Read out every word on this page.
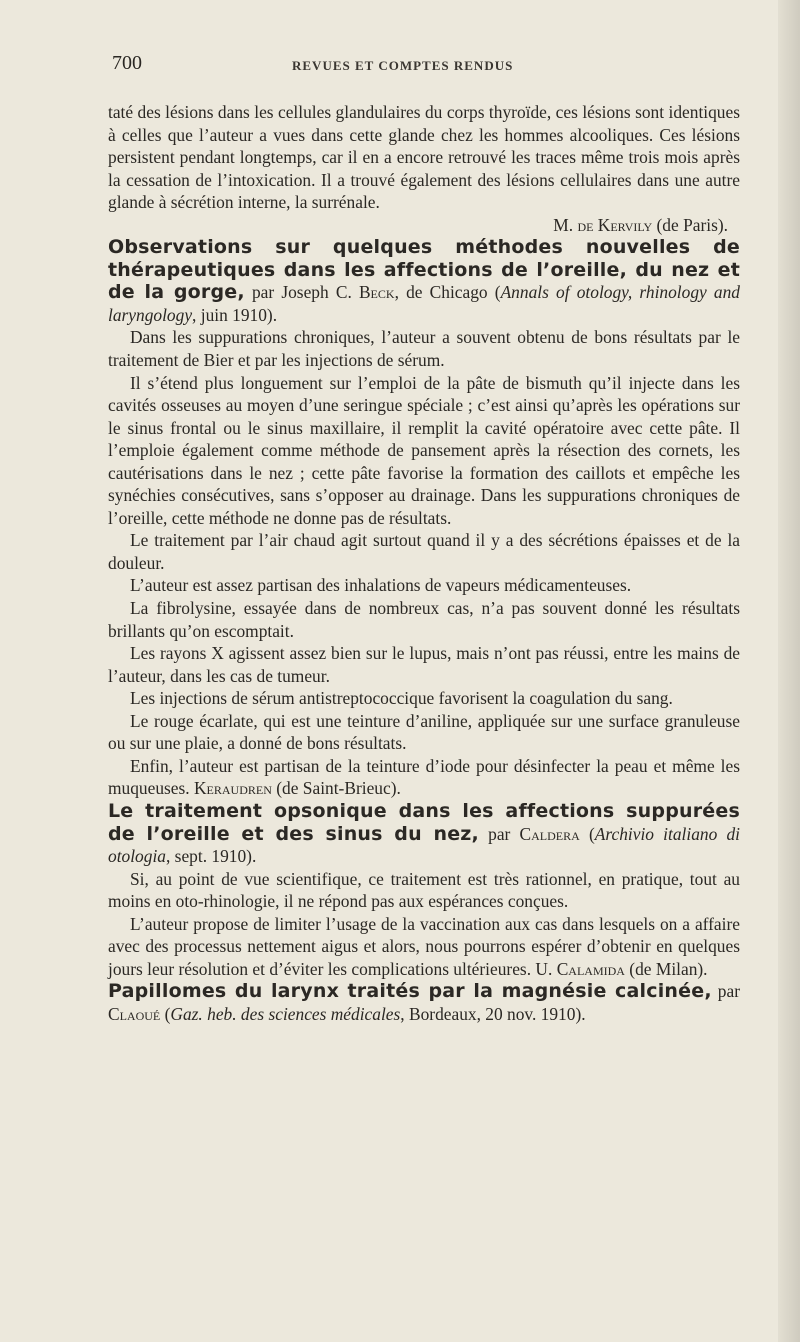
700	REVUES ET COMPTES RENDUS

taté des lésions dans les cellules glandulaires du corps thyroïde, ces lésions sont identiques à celles que l’auteur a vues dans cette glande chez les hommes alcooliques. Ces lésions persistent pendant longtemps, car il en a encore retrouvé les traces même trois mois après la cessation de l’intoxication. Il a trouvé également des lésions cellulaires dans une autre glande à sécrétion interne, la surrénale.

M. de Kervily (de Paris).

Observations sur quelques méthodes nouvelles de thérapeutiques dans les affections de l’oreille, du nez et de la gorge, par Joseph C. Beck, de Chicago (Annals of otology, rhinology and laryngology, juin 1910).

Dans les suppurations chroniques, l’auteur a souvent obtenu de bons résultats par le traitement de Bier et par les injections de sérum.

Il s’étend plus longuement sur l’emploi de la pâte de bismuth qu’il injecte dans les cavités osseuses au moyen d’une seringue spéciale ; c’est ainsi qu’après les opérations sur le sinus frontal ou le sinus maxillaire, il remplit la cavité opératoire avec cette pâte. Il l’emploie également comme méthode de pansement après la résection des cornets, les cautérisations dans le nez ; cette pâte favorise la formation des caillots et empêche les synéchies consécutives, sans s’opposer au drainage. Dans les suppurations chroniques de l’oreille, cette méthode ne donne pas de résultats.

Le traitement par l’air chaud agit surtout quand il y a des sécrétions épaisses et de la douleur.

L’auteur est assez partisan des inhalations de vapeurs médicamenteuses.

La fibrolysine, essayée dans de nombreux cas, n’a pas souvent donné les résultats brillants qu’on escomptait.

Les rayons X agissent assez bien sur le lupus, mais n’ont pas réussi, entre les mains de l’auteur, dans les cas de tumeur.

Les injections de sérum antistreptococcique favorisent la coagulation du sang.

Le rouge écarlate, qui est une teinture d’aniline, appliquée sur une surface granuleuse ou sur une plaie, a donné de bons résultats.

Enfin, l’auteur est partisan de la teinture d’iode pour désinfecter la peau et même les muqueuses. Keraudren (de Saint-Brieuc).

Le traitement opsonique dans les affections suppurées de l’oreille et des sinus du nez, par Caldera (Archivio italiano di otologia, sept. 1910).

Si, au point de vue scientifique, ce traitement est très rationnel, en pratique, tout au moins en oto-rhinologie, il ne répond pas aux espérances conçues.

L’auteur propose de limiter l’usage de la vaccination aux cas dans lesquels on a affaire avec des processus nettement aigus et alors, nous pourrons espérer d’obtenir en quelques jours leur résolution et d’éviter les complications ultérieures. U. Calamida (de Milan).

Papillomes du larynx traités par la magnésie calcinée, par Claoué (Gaz. heb. des sciences médicales, Bordeaux, 20 nov. 1910).
